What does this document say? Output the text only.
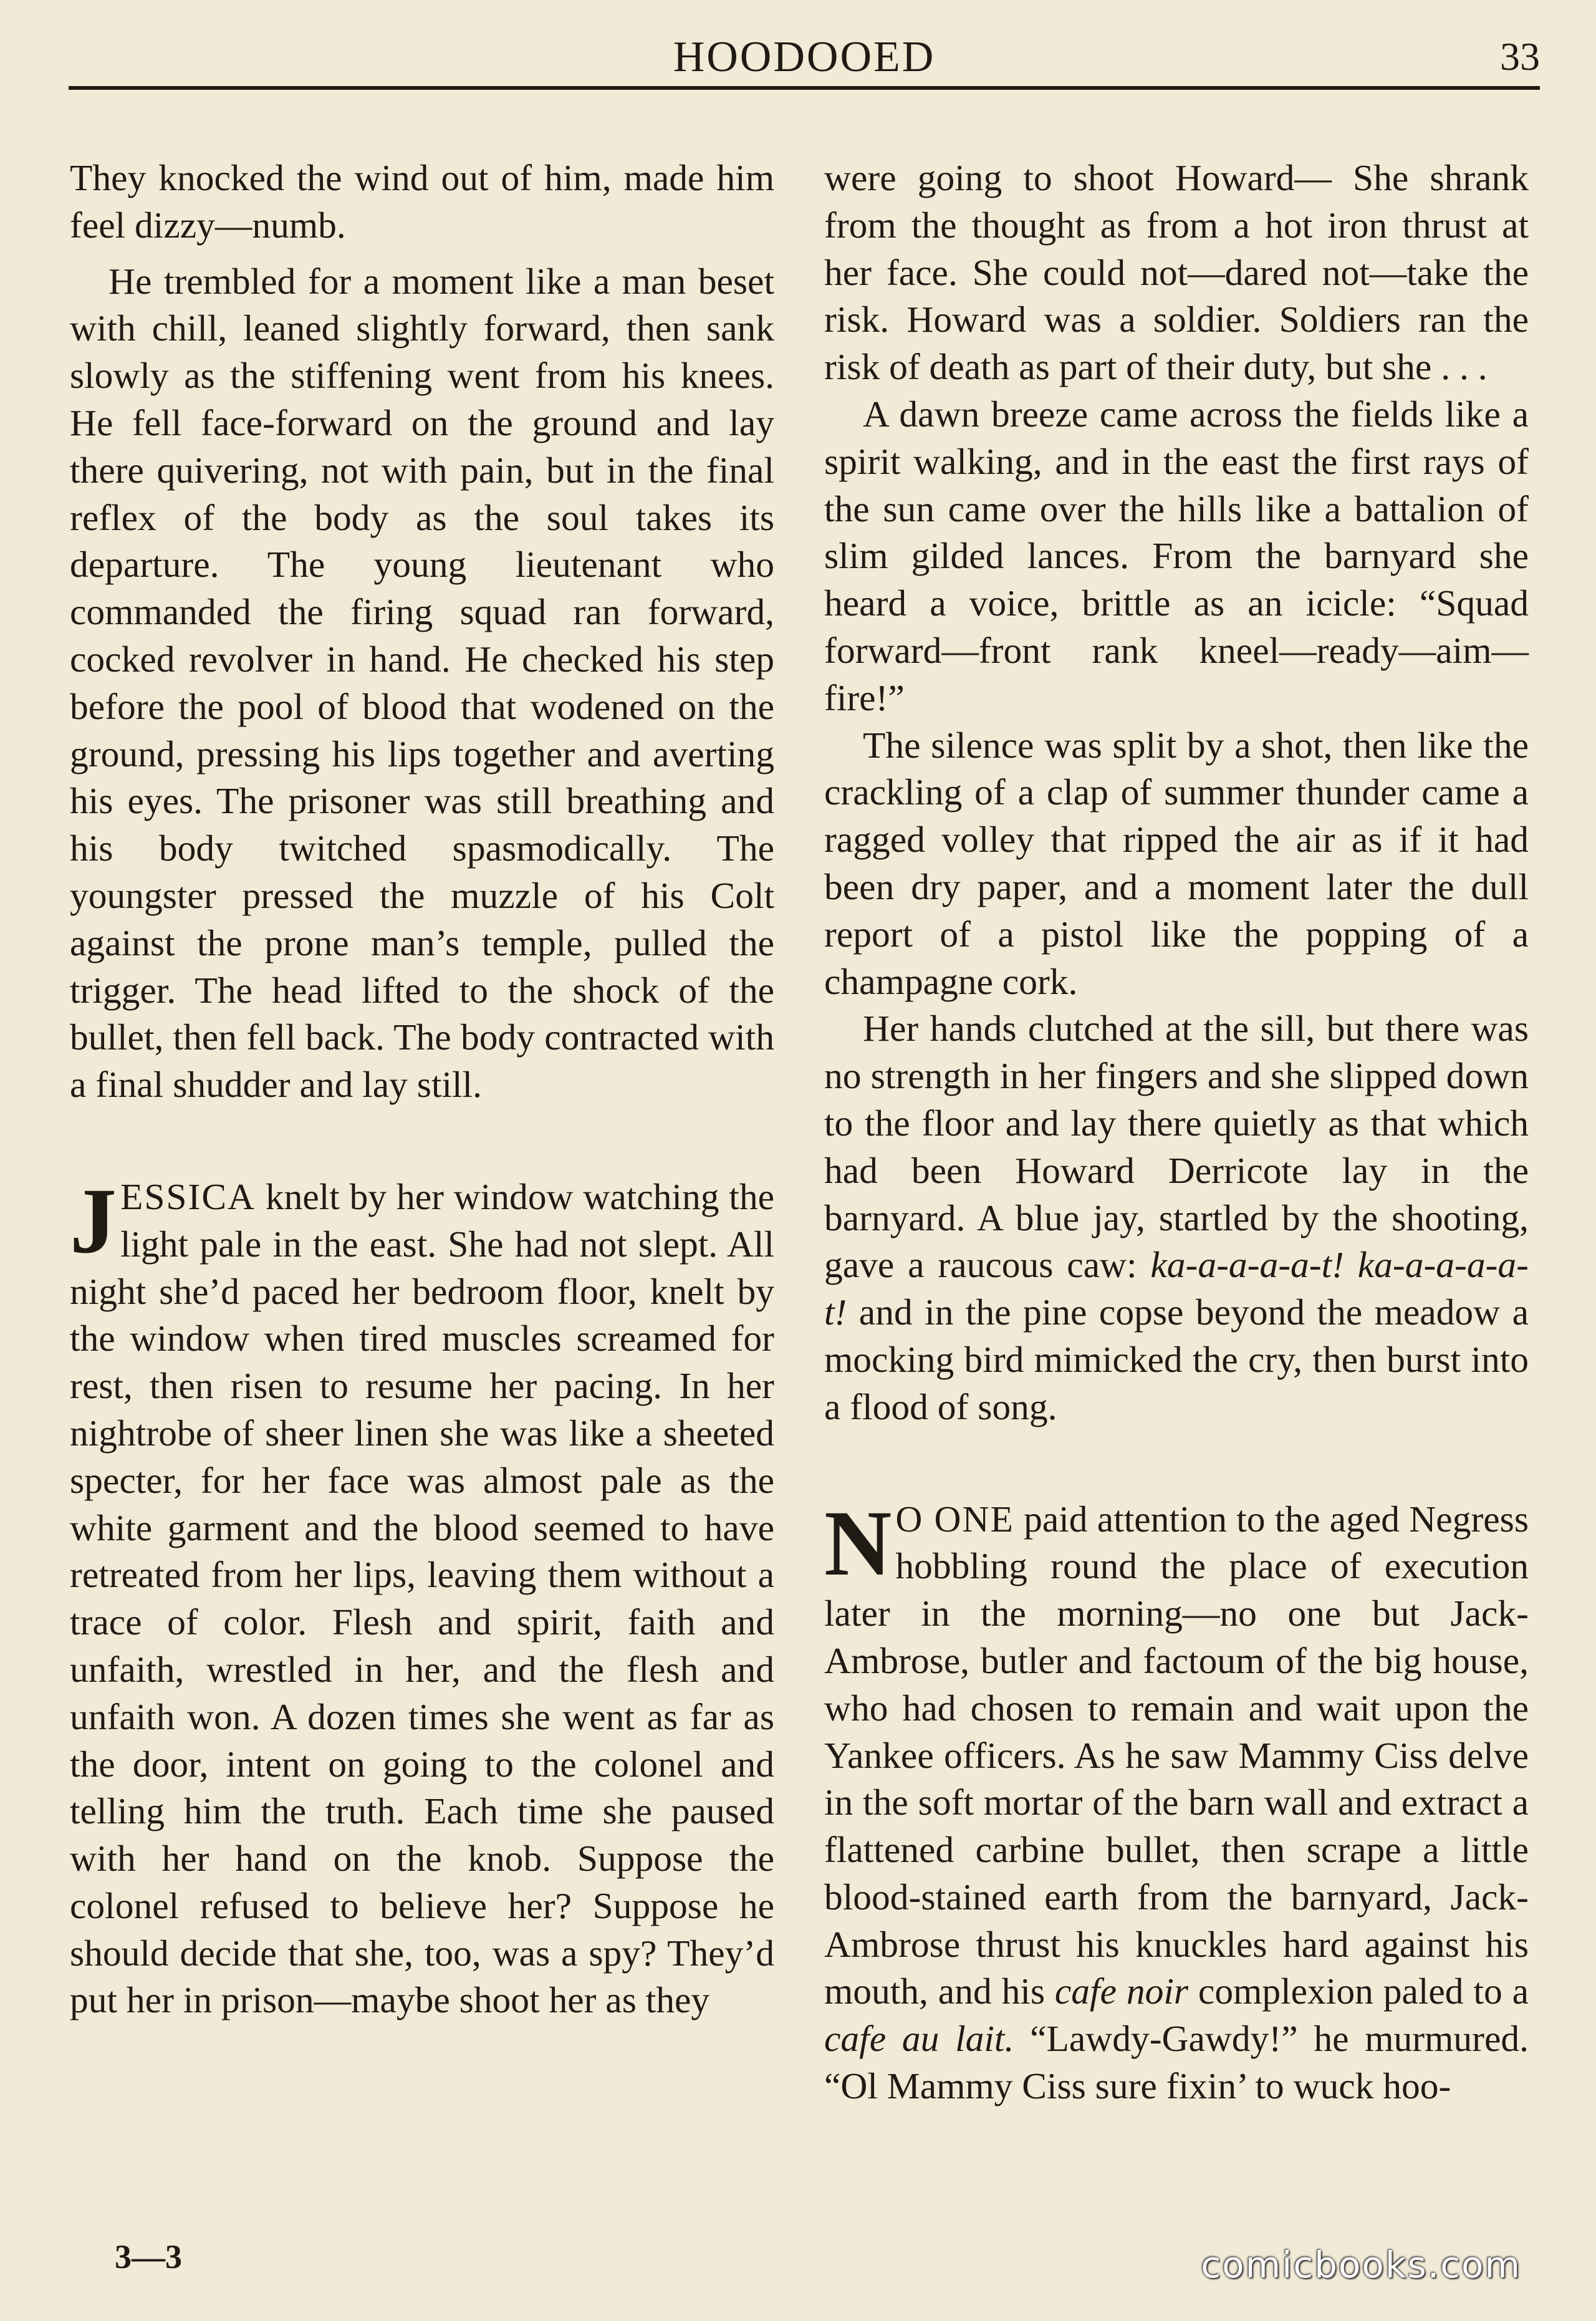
HOODOOED	33

They knocked the wind out of him, made him feel dizzy—numb.

He trembled for a moment like a man beset with chill, leaned slightly forward, then sank slowly as the stiffening went from his knees. He fell face-forward on the ground and lay there quivering, not with pain, but in the final reflex of the body as the soul takes its departure. The young lieutenant who commanded the firing squad ran forward, cocked revolver in hand. He checked his step before the pool of blood that wodened on the ground, pressing his lips together and averting his eyes. The prisoner was still breathing and his body twitched spasmodically. The youngster pressed the muzzle of his Colt against the prone man’s temple, pulled the trigger. The head lifted to the shock of the bullet, then fell back. The body contracted with a final shudder and lay still.

JESSICA knelt by her window watching the light pale in the east. She had not slept. All night she’d paced her bedroom floor, knelt by the window when tired muscles screamed for rest, then risen to resume her pacing. In her nightrobe of sheer linen she was like a sheeted specter, for her face was almost pale as the white garment and the blood seemed to have retreated from her lips, leaving them without a trace of color. Flesh and spirit, faith and unfaith, wrestled in her, and the flesh and unfaith won. A dozen times she went as far as the door, intent on going to the colonel and telling him the truth. Each time she paused with her hand on the knob. Suppose the colonel refused to believe her? Suppose he should decide that she, too, was a spy? They’d put her in prison—maybe shoot her as they

were going to shoot Howard— She shrank from the thought as from a hot iron thrust at her face. She could not—dared not—take the risk. Howard was a soldier. Soldiers ran the risk of death as part of their duty, but she . . .

A dawn breeze came across the fields like a spirit walking, and in the east the first rays of the sun came over the hills like a battalion of slim gilded lances. From the barnyard she heard a voice, brittle as an icicle: “Squad forward—front rank kneel—ready—aim—fire!”

The silence was split by a shot, then like the crackling of a clap of summer thunder came a ragged volley that ripped the air as if it had been dry paper, and a moment later the dull report of a pistol like the popping of a champagne cork.

Her hands clutched at the sill, but there was no strength in her fingers and she slipped down to the floor and lay there quietly as that which had been Howard Derricote lay in the barnyard. A blue jay, startled by the shooting, gave a raucous caw: ka-a-a-a-a-t! ka-a-a-a-a-t! and in the pine copse beyond the meadow a mocking bird mimicked the cry, then burst into a flood of song.

N O ONE paid attention to the aged Negress hobbling round the place of execution later in the morning—no one but Jack-Ambrose, butler and factoum of the big house, who had chosen to remain and wait upon the Yankee officers. As he saw Mammy Ciss delve in the soft mortar of the barn wall and extract a flattened carbine bullet, then scrape a little blood-stained earth from the barnyard, Jack-Ambrose thrust his knuckles hard against his mouth, and his cafe noir complexion paled to a cafe au lait. “Lawdy-Gawdy!” he murmured. “Ol Mammy Ciss sure fixin’ to wuck hoo-

3—3	comicbooks.com
